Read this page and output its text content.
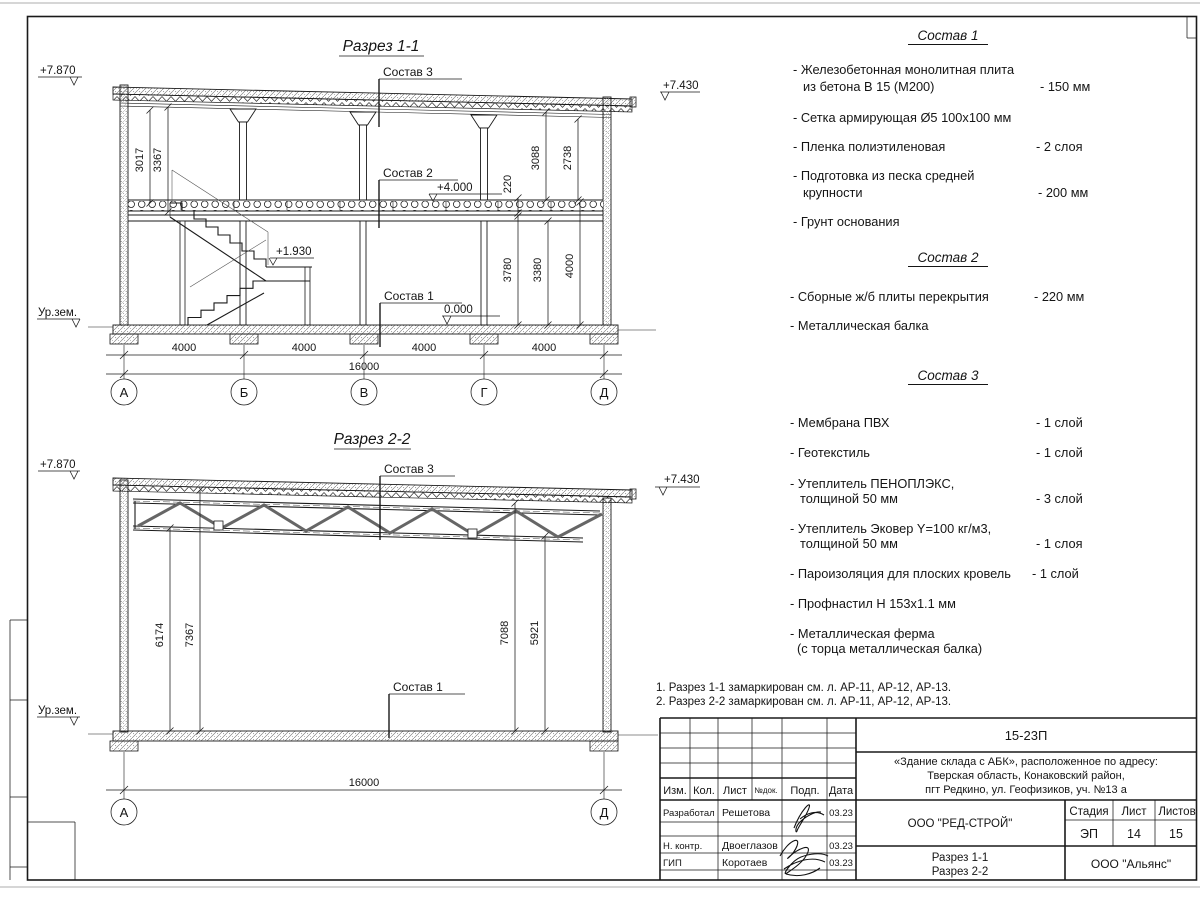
Разрез 1-1
Состав 3
Состав 2
Состав 1
+7.870
+7.430
+4.000
+1.930
0.000
Ур.зем.
3017 3367
220
3088 2738
3780 3380 4000
4000	4000	4000	4000
16000
А	Б	В	Г	Д
Разрез 2-2
Состав 3
Состав 1
+7.870
+7.430
Ур.зем.
6174 7367	7088 5921
16000
А	Д
Изм. Кол. Лист №док. Подп. Дата
Разработал Решетова	03.23
Н. контр. Двоеглазов	03.23
ГИП	Коротаев	03.23
15-23П
«Здание склада с АБК», расположенное по адресу:
Тверская область, Конаковский район,
пгт Редкино, ул. Геофизиков, уч. №13 а
ООО "РЕД-СТРОЙ"
Стадия Лист Листов
ЭП 14 15
Разрез 1-1
Разрез 2-2
ООО "Альянс"
Состав 1
- Железобетонная монолитная плита
из бетона В 15 (М200)	- 150 мм
- Сетка армирующая Ø5 100х100 мм
- Пленка полиэтиленовая	- 2 слоя
- Подготовка из песка средней
крупности	- 200 мм
- Грунт основания
Состав 2
- Сборные ж/б плиты перекрытия	- 220 мм
- Металлическая балка
Состав 3
- Мембрана ПВХ	- 1 слой
- Геотекстиль	- 1 слой
- Утеплитель ПЕНОПЛЭКС,
толщиной 50 мм	- 3 слой
- Утеплитель Эковер Y=100 кг/м3,
толщиной 50 мм	- 1 слоя
- Пароизоляция для плоских кровель - 1 слой
- Профнастил Н 153х1.1 мм
- Металлическая ферма
(с торца металлическая балка)
1. Разрез 1-1 замаркирован см. л. АР-11, АР-12, АР-13.
2. Разрез 2-2 замаркирован см. л. АР-11, АР-12, АР-13.
